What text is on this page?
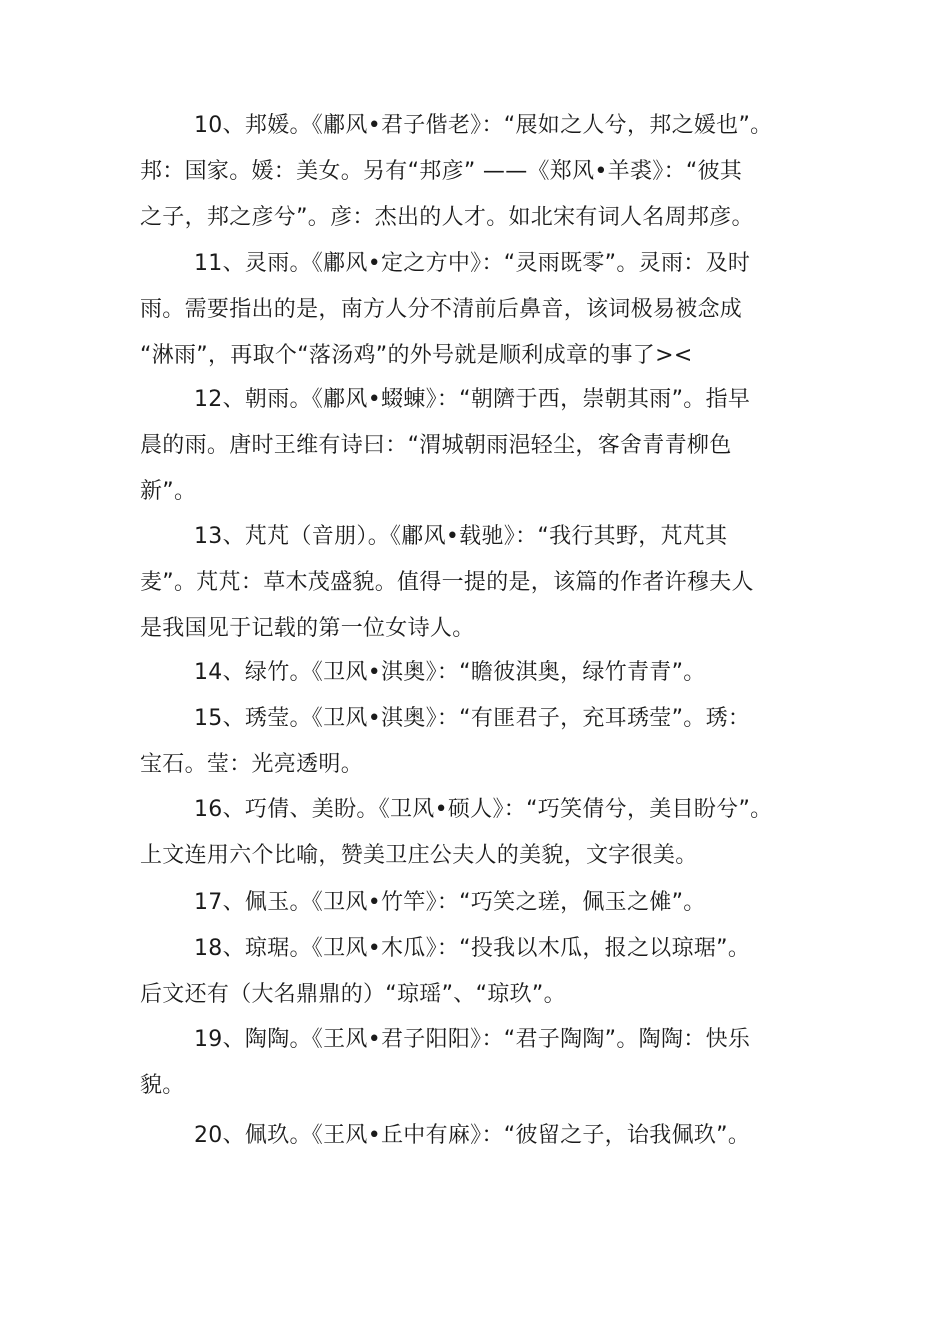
10、邦媛。《鄘风•君子偕老》：“展如之人兮，邦之媛也”。
邦：国家。媛：美女。另有“邦彦” ——《郑风•羊裘》：“彼其
之子，邦之彦兮”。彦：杰出的人才。如北宋有词人名周邦彦。
11、灵雨。《鄘风•定之方中》：“灵雨既零”。灵雨：及时
雨。需要指出的是，南方人分不清前后鼻音，该词极易被念成
“淋雨”，再取个“落汤鸡”的外号就是顺利成章的事了><
12、朝雨。《鄘风•蝃蝀》：“朝隮于西，崇朝其雨”。指早
晨的雨。唐时王维有诗曰：“渭城朝雨浥轻尘，客舍青青柳色
新”。
13、芃芃（音朋）。《鄘风•载驰》：“我行其野，芃芃其
麦”。芃芃：草木茂盛貌。值得一提的是，该篇的作者许穆夫人
是我国见于记载的第一位女诗人。
14、绿竹。《卫风•淇奥》：“瞻彼淇奥，绿竹青青”。
15、琇莹。《卫风•淇奥》：“有匪君子，充耳琇莹”。琇：
宝石。莹：光亮透明。
16、巧倩、美盼。《卫风•硕人》：“巧笑倩兮，美目盼兮”。
上文连用六个比喻，赞美卫庄公夫人的美貌，文字很美。
17、佩玉。《卫风•竹竿》：“巧笑之瑳，佩玉之傩”。
18、琼琚。《卫风•木瓜》：“投我以木瓜，报之以琼琚”。
后文还有（大名鼎鼎的）“琼瑶”、“琼玖”。
19、陶陶。《王风•君子阳阳》：“君子陶陶”。陶陶：快乐
貌。
20、佩玖。《王风•丘中有麻》：“彼留之子，诒我佩玖”。
